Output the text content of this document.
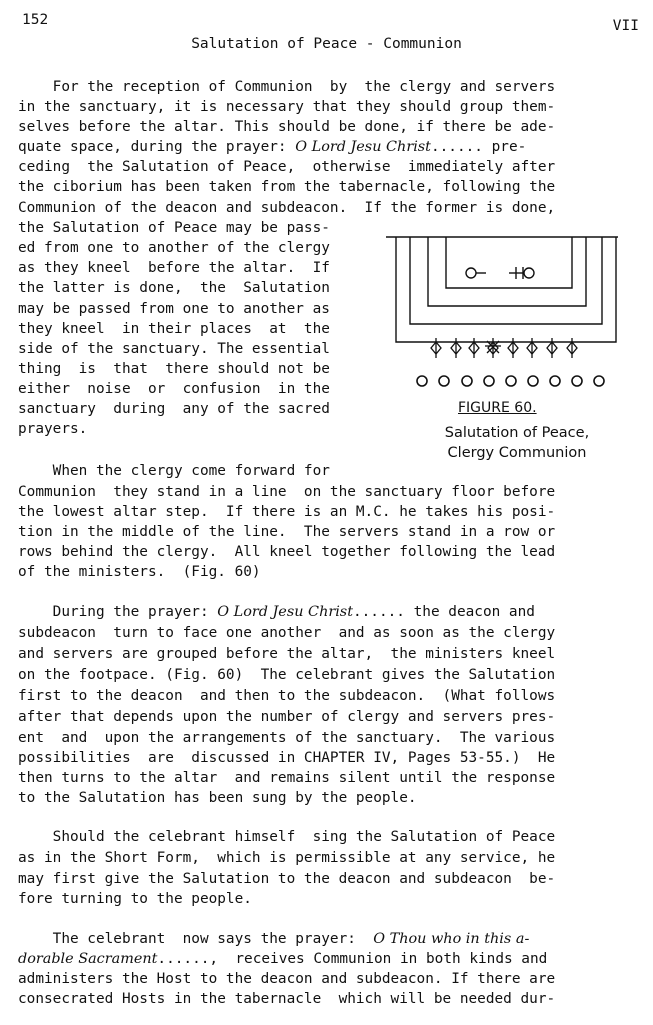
152	VII
Salutation of Peace - Communion
For the reception of Communion  by  the clergy and servers
in the sanctuary, it is necessary that they should group them-
selves before the altar. This should be done, if there be ade-
quate space, during the prayer: O Lord Jesu Christ...... pre-
ceding  the Salutation of Peace,  otherwise  immediately after
the ciborium has been taken from the tabernacle, following the
Communion of the deacon and subdeacon.  If the former is done,
the Salutation of Peace may be pass-
ed from one to another of the clergy
as they kneel  before the altar.  If
the latter is done,  the  Salutation
may be passed from one to another as
they kneel  in their places  at  the
side of the sanctuary. The essential
thing  is  that  there should not be
either  noise  or  confusion  in the
sanctuary  during  any of the sacred
prayers.
FIGURE 60.
Salutation of Peace,
Clergy Communion
When the clergy come forward for
Communion  they stand in a line  on the sanctuary floor before
the lowest altar step.  If there is an M.C. he takes his posi-
tion in the middle of the line.  The servers stand in a row or
rows behind the clergy.  All kneel together following the lead
of the ministers.  (Fig. 60)
During the prayer: O Lord Jesu Christ...... the deacon and
subdeacon  turn to face one another  and as soon as the clergy
and servers are grouped before the altar,  the ministers kneel
on the footpace. (Fig. 60)  The celebrant gives the Salutation
first to the deacon  and then to the subdeacon.  (What follows
after that depends upon the number of clergy and servers pres-
ent  and  upon the arrangements of the sanctuary.  The various
possibilities  are  discussed in CHAPTER IV, Pages 53-55.)  He
then turns to the altar  and remains silent until the response
to the Salutation has been sung by the people.
Should the celebrant himself  sing the Salutation of Peace
as in the Short Form,  which is permissible at any service, he
may first give the Salutation to the deacon and subdeacon  be-
fore turning to the people.
The celebrant  now says the prayer: O Thou who in this a-
dorable Sacrament......,  receives Communion in both kinds and
administers the Host to the deacon and subdeacon. If there are
consecrated Hosts in the tabernacle  which will be needed dur-
